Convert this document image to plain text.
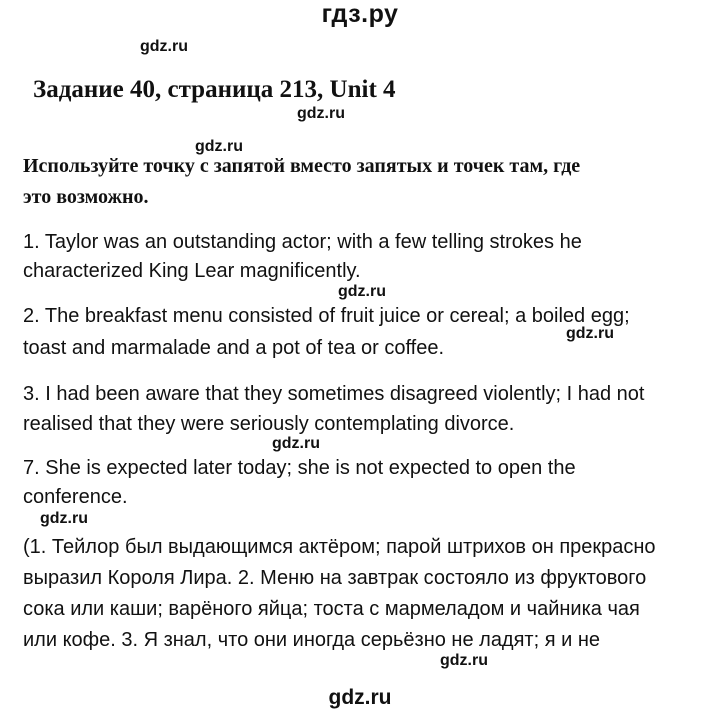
гдз.ру
gdz.ru
Задание 40, страница 213, Unit 4
gdz.ru
gdz.ru
Используйте точку с запятой вместо запятых и точек там, где
это возможно.
1. Taylor was an outstanding actor; with a few telling strokes he
characterized King Lear magnificently.
gdz.ru
2. The breakfast menu consisted of fruit juice or cereal; a boiled egg;
gdz.ru
toast and marmalade and a pot of tea or coffee.
3. I had been aware that they sometimes disagreed violently; I had not
realised that they were seriously contemplating divorce.
gdz.ru
7. She is expected later today; she is not expected to open the
conference.
gdz.ru
(1. Тейлор был выдающимся актёром; парой штрихов он прекрасно
выразил Короля Лира. 2. Меню на завтрак состояло из фруктового
сока или каши; варёного яйца; тоста с мармеладом и чайника чая
или кофе. 3. Я знал, что они иногда серьёзно не ладят; я и не
gdz.ru
gdz.ru
